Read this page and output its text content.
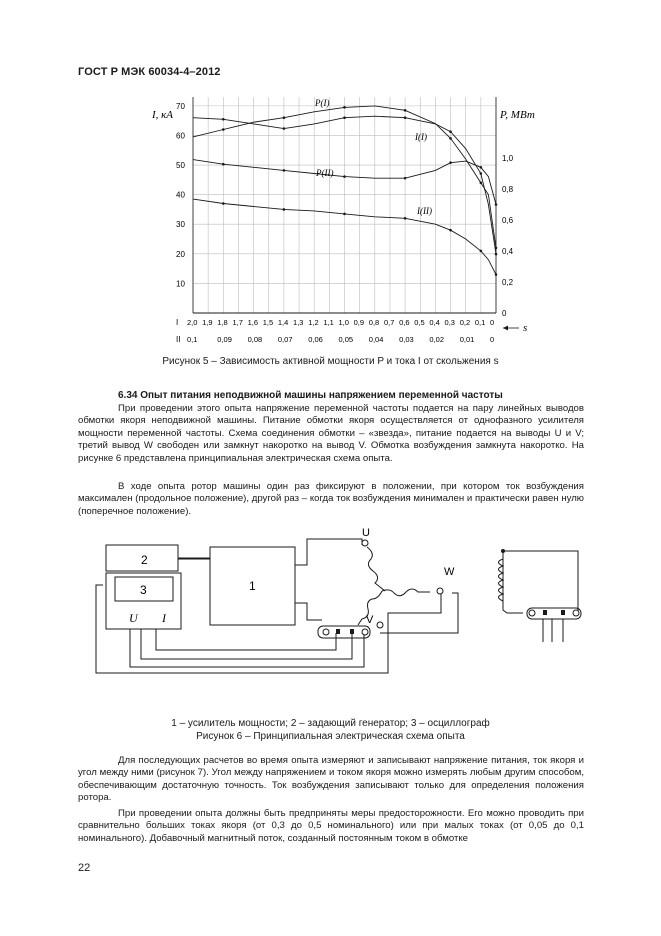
ГОСТ Р МЭК 60034-4–2012
70
60
50
40
30
20
10
1,0
0,8
0,6
0,4
0,2
0
I, кА	P, МВт
I 2,0 1,9 1,8 1,7 1,6 1,5 1,4 1,3 1,2 1,1 1,0 0,9 0,8 0,7 0,6 0,5 0,4 0,3 0,2 0,1 0
II 0,1	0,09 0,08 0,07 0,06 0,05 0,04 0,03 0,02 0,01 0
s
P(I)
I(I)
P(II)
I(II)
Рисунок 5 – Зависимость активной мощности P и тока I от скольжения s
6.34 Опыт питания неподвижной машины напряжением переменной частоты

При проведении этого опыта напряжение переменной частоты подается на пару линейных выводов обмотки якоря неподвижной машины. Питание обмотки якоря осуществляется от однофазного усилителя мощности переменной частоты. Схема соединения обмотки – «звезда», питание подается на выводы U и V; третий вывод W свободен или замкнут накоротко на вывод V. Обмотка возбуждения замкнута накоротко. На рисунке 6 представлена принципиальная электрическая схема опыта.

В ходе опыта ротор машины один раз фиксируют в положении, при котором ток возбуждения максимален (продольное положение), другой раз – когда ток возбуждения минимален и практически равен нулю (поперечное положение).

2
3	1
U I
U
W
V
1 – усилитель мощности; 2 – задающий генератор; 3 – осциллограф
Рисунок 6 – Принципиальная электрическая схема опыта

Для последующих расчетов во время опыта измеряют и записывают напряжение питания, ток якоря и угол между ними (рисунок 7). Угол между напряжением и током якоря можно измерять любым другим способом, обеспечивающим достаточную точность. Ток возбуждения записывают только для определения положения ротора.

При проведении опыта должны быть предприняты меры предосторожности. Его можно проводить при сравнительно больших токах якоря (от 0,3 до 0,5 номинального) или при малых токах (от 0,05 до 0,1 номинального). Добавочный магнитный поток, созданный постоянным током в обмотке

22
